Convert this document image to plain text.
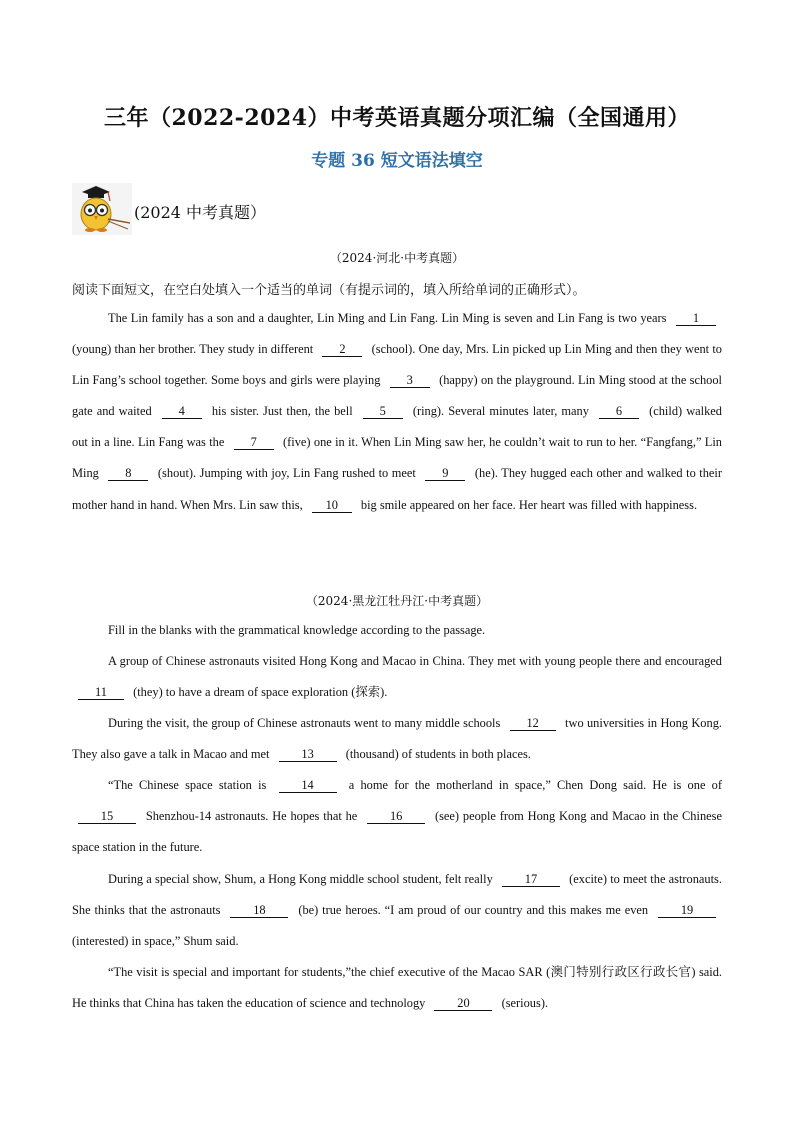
三年（2022-2024）中考英语真题分项汇编（全国通用）
专题 36 短文语法填空
(2024 中考真题）
（2024·河北·中考真题）
阅读下面短文，在空白处填入一个适当的单词（有提示词的，填入所给单词的正确形式）。
The Lin family has a son and a daughter, Lin Ming and Lin Fang. Lin Ming is seven and Lin Fang is two years 1 (young) than her brother. They study in different 2 (school). One day, Mrs. Lin picked up Lin Ming and then they went to Lin Fang’s school together. Some boys and girls were playing 3 (happy) on the playground. Lin Ming stood at the school gate and waited 4 his sister. Just then, the bell 5 (ring). Several minutes later, many 6 (child) walked out in a line. Lin Fang was the 7 (five) one in it. When Lin Ming saw her, he couldn’t wait to run to her. “Fangfang,” Lin Ming 8 (shout). Jumping with joy, Lin Fang rushed to meet 9 (he). They hugged each other and walked to their mother hand in hand. When Mrs. Lin saw this, 10 big smile appeared on her face. Her heart was filled with happiness.
（2024·黑龙江牡丹江·中考真题）
Fill in the blanks with the grammatical knowledge according to the passage.
A group of Chinese astronauts visited Hong Kong and Macao in China. They met with young people there and encouraged 11 (they) to have a dream of space exploration (探索).
During the visit, the group of Chinese astronauts went to many middle schools 12 two universities in Hong Kong. They also gave a talk in Macao and met	13	(thousand) of students in both places.
“The Chinese space station is	14	a home for the motherland in space,” Chen Dong said. He is one of 15	Shenzhou-14 astronauts. He hopes that he	16	(see) people from Hong Kong and Macao in the Chinese space station in the future.
During a special show, Shum, a Hong Kong middle school student, felt really	17	(excite) to meet the astronauts. She thinks that the astronauts	18	(be) true heroes. “I am proud of our country and this makes me even	19 (interested) in space,” Shum said.
“The visit is special and important for students,”the chief executive of the Macao SAR (澳门特别行政区行政长官) said. He thinks that China has taken the education of science and technology	20	(serious).
